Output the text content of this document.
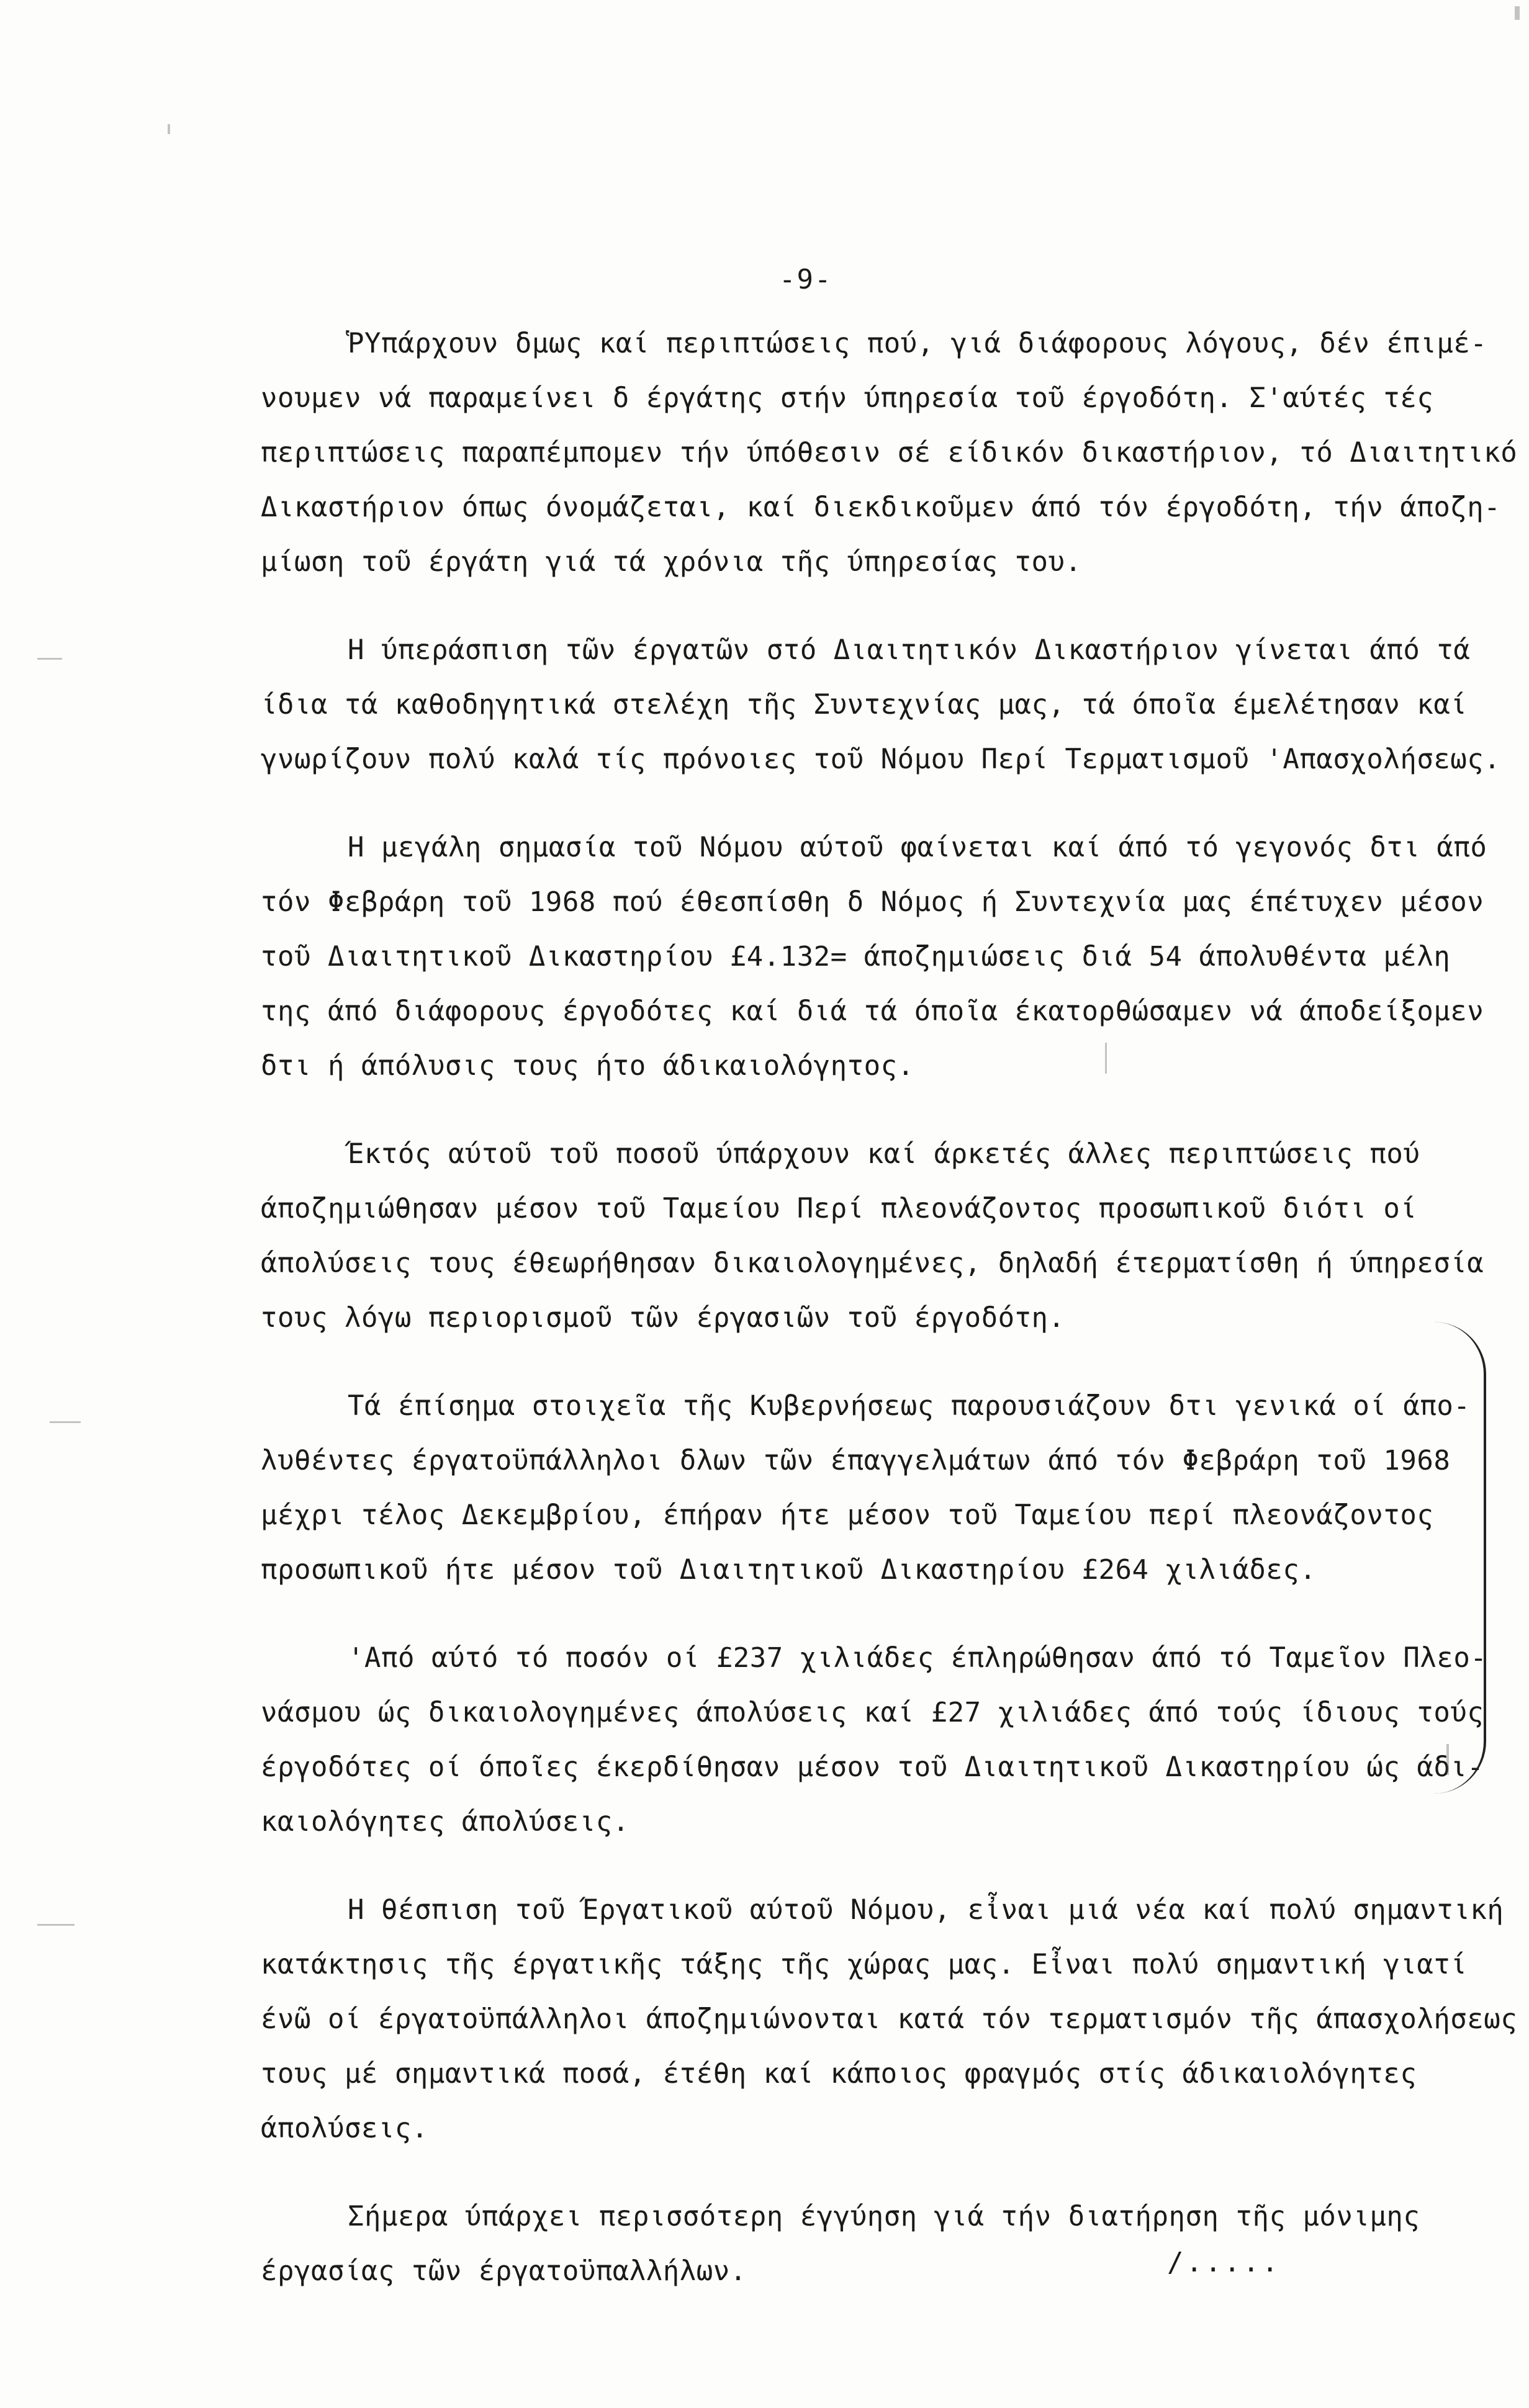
-9-
ῬΥπάρχουν δμως καί περιπτώσεις πού, γιά διάφορους λόγους, δέν έπιμέ-
νουμεν νά παραμείνει δ έργάτης στήν ύπηρεσία τοῦ έργοδότη. Σ'αύτές τές
περιπτώσεις παραπέμπομεν τήν ύπόθεσιν σέ είδικόν δικαστήριον, τό Διαιτητικό
Δικαστήριον όπως όνομάζεται, καί διεκδικοῦμεν άπό τόν έργοδότη, τήν άποζη-
μίωση τοῦ έργάτη γιά τά χρόνια τῆς ύπηρεσίας του.
Η ύπεράσπιση τῶν έργατῶν στό Διαιτητικόν Δικαστήριον γίνεται άπό τά
ίδια τά καθοδηγητικά στελέχη τῆς Συντεχνίας μας, τά όποῖα έμελέτησαν καί
γνωρίζουν πολύ καλά τίς πρόνοιες τοῦ Νόμου Περί Τερματισμοῦ 'Απασχολήσεως.
Η μεγάλη σημασία τοῦ Νόμου αύτοῦ φαίνεται καί άπό τό γεγονός δτι άπό
τόν Φεβράρη τοῦ 1968 πού έθεσπίσθη δ Νόμος ή Συντεχνία μας έπέτυχεν μέσον
τοῦ Διαιτητικοῦ Δικαστηρίου £4.132= άποζημιώσεις διά 54 άπολυθέντα μέλη
της άπό διάφορους έργοδότες καί διά τά όποῖα έκατορθώσαμεν νά άποδείξομεν
δτι ή άπόλυσις τους ήτο άδικαιολόγητος.
Έκτός αύτοῦ τοῦ ποσοῦ ύπάρχουν καί άρκετές άλλες περιπτώσεις πού
άποζημιώθησαν μέσον τοῦ Ταμείου Περί πλεονάζοντος προσωπικοῦ διότι οί
άπολύσεις τους έθεωρήθησαν δικαιολογημένες, δηλαδή έτερματίσθη ή ύπηρεσία
τους λόγω περιορισμοῦ τῶν έργασιῶν τοῦ έργοδότη.
Τά έπίσημα στοιχεῖα τῆς Κυβερνήσεως παρουσιάζουν δτι γενικά οί άπο-
λυθέντες έργατοϋπάλληλοι δλων τῶν έπαγγελμάτων άπό τόν Φεβράρη τοῦ 1968
μέχρι τέλος Δεκεμβρίου, έπήραν ήτε μέσον τοῦ Ταμείου περί πλεονάζοντος
προσωπικοῦ ήτε μέσον τοῦ Διαιτητικοῦ Δικαστηρίου £264 χιλιάδες.
'Από αύτό τό ποσόν οί £237 χιλιάδες έπληρώθησαν άπό τό Ταμεῖον Πλεο-
νάσμου ώς δικαιολογημένες άπολύσεις καί £27 χιλιάδες άπό τούς ίδιους τούς
έργοδότες οί όποῖες έκερδίθησαν μέσον τοῦ Διαιτητικοῦ Δικαστηρίου ώς άδι-
καιολόγητες άπολύσεις.
Η θέσπιση τοῦ Έργατικοῦ αύτοῦ Νόμου, εἶναι μιά νέα καί πολύ σημαντική
κατάκτησις τῆς έργατικῆς τάξης τῆς χώρας μας. Εἶναι πολύ σημαντική γιατί
ένῶ οί έργατοϋπάλληλοι άποζημιώνονται κατά τόν τερματισμόν τῆς άπασχολήσεως
τους μέ σημαντικά ποσά, έτέθη καί κάποιος φραγμός στίς άδικαιολόγητες
άπολύσεις.
Σήμερα ύπάρχει περισσότερη έγγύηση γιά τήν διατήρηση τῆς μόνιμης
έργασίας τῶν έργατοϋπαλλήλων.	/.....
